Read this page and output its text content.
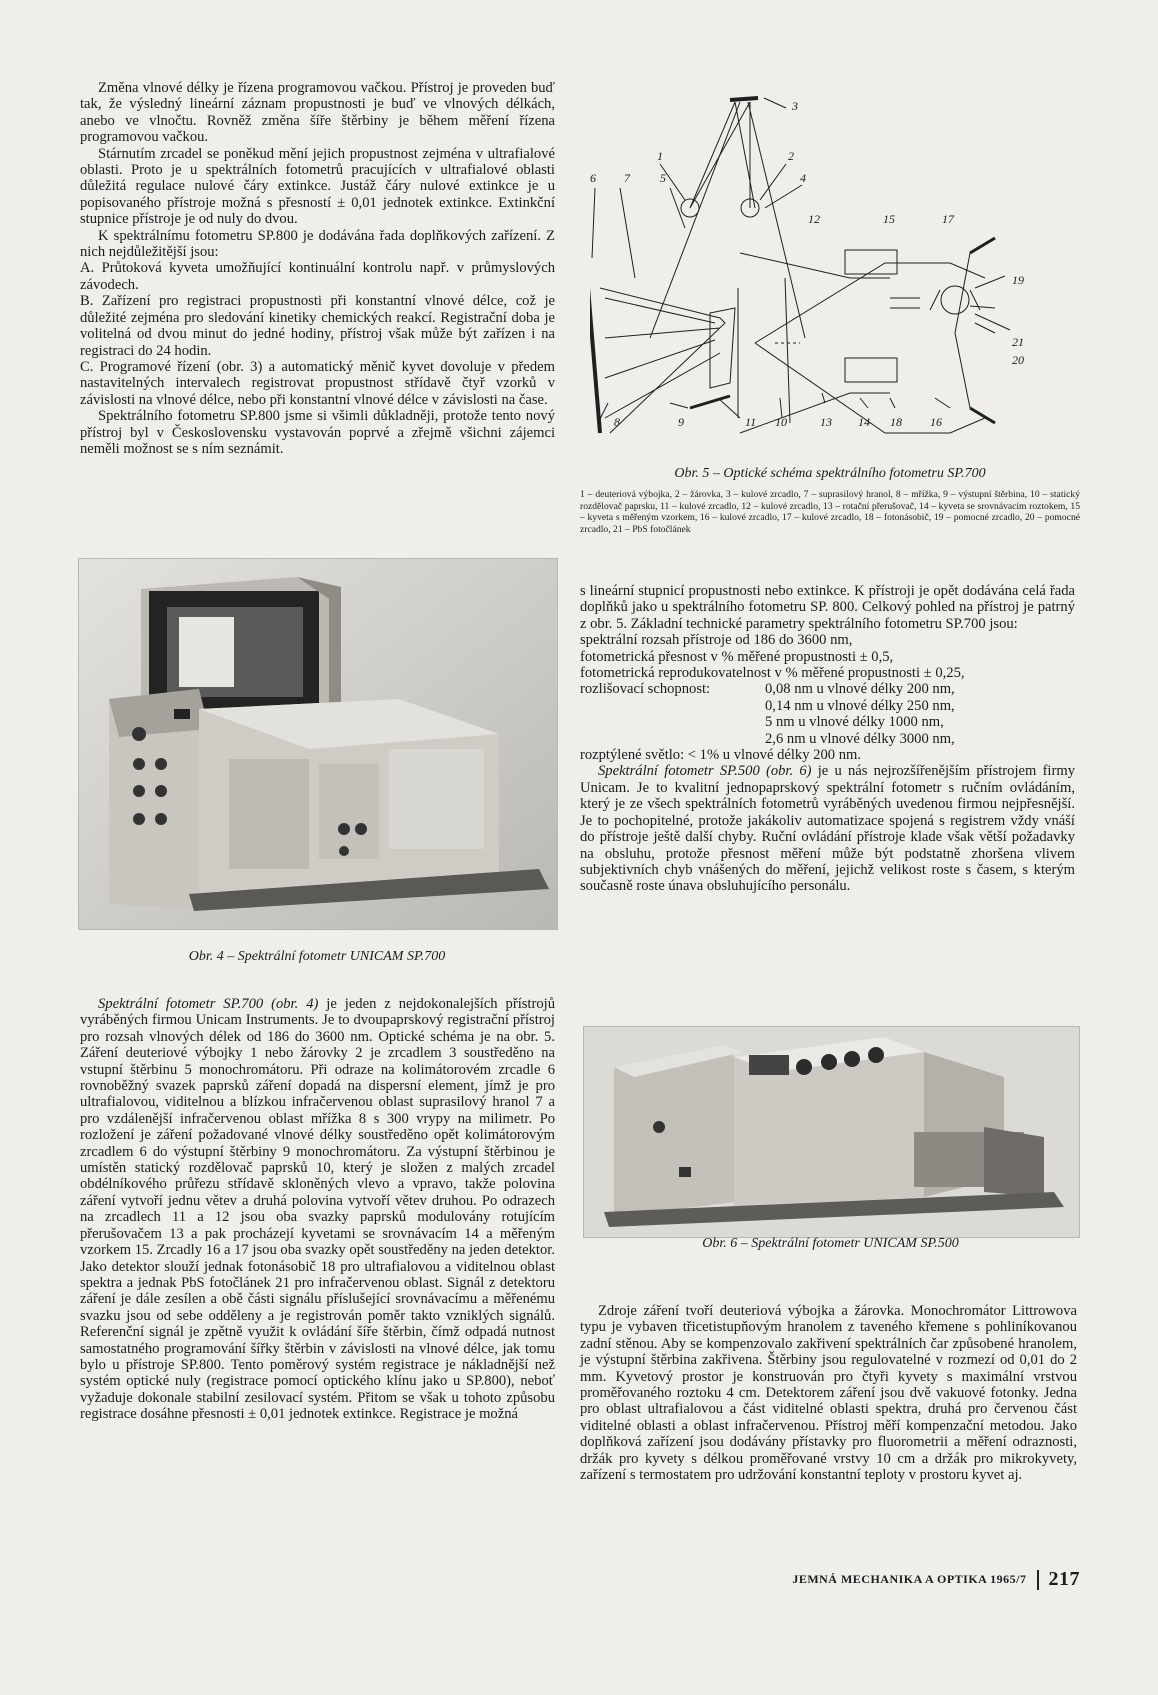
Změna vlnové délky je řízena programovou vačkou. Přístroj je proveden buď tak, že výsledný lineární záznam propustnosti je buď ve vlnových délkách, anebo ve vlnočtu. Rovněž změna šíře štěrbiny je během měření řízena programovou vačkou.

Stárnutím zrcadel se poněkud mění jejich propustnost zejména v ultrafialové oblasti. Proto je u spektrálních fotometrů pracujících v ultrafialové oblasti důležitá regulace nulové čáry extinkce. Justáž čáry nulové extinkce je u popisovaného přístroje možná s přesností ± 0,01 jednotek extinkce. Extinkční stupnice přístroje je od nuly do dvou.

K spektrálnímu fotometru SP.800 je dodávána řada doplňkových zařízení. Z nich nejdůležitější jsou:

A. Průtoková kyveta umožňující kontinuální kontrolu např. v průmyslových závodech.

B. Zařízení pro registraci propustnosti při konstantní vlnové délce, což je důležité zejména pro sledování kinetiky chemických reakcí. Registrační doba je volitelná od dvou minut do jedné hodiny, přístroj však může být zařízen i na registraci do 24 hodin.

C. Programové řízení (obr. 3) a automatický měnič kyvet dovoluje v předem nastavitelných intervalech registrovat propustnost střídavě čtyř vzorků v závislosti na vlnové délce, nebo při konstantní vlnové délce v závislosti na čase.

Spektrálního fotometru SP.800 jsme si všimli důkladněji, protože tento nový přístroj byl v Československu vystavován poprvé a zřejmě všichni zájemci neměli možnost se s ním seznámit.

Obr. 4 – Spektrální fotometr UNICAM SP.700

Spektrální fotometr SP.700 (obr. 4) je jeden z nejdokonalejších přístrojů vyráběných firmou Unicam Instruments. Je to dvoupaprskový registrační přístroj pro rozsah vlnových délek od 186 do 3600 nm. Optické schéma je na obr. 5. Záření deuteriové výbojky 1 nebo žárovky 2 je zrcadlem 3 soustředěno na vstupní štěrbinu 5 monochromátoru. Při odraze na kolimátorovém zrcadle 6 rovnoběžný svazek paprsků záření dopadá na dispersní element, jímž je pro ultrafialovou, viditelnou a blízkou infračervenou oblast suprasilový hranol 7 a pro vzdálenější infračervenou oblast mřížka 8 s 300 vrypy na milimetr. Po rozložení je záření požadované vlnové délky soustředěno opět kolimátorovým zrcadlem 6 do výstupní štěrbiny 9 monochromátoru. Za výstupní štěrbinou je umístěn statický rozdělovač paprsků 10, který je složen z malých zrcadel obdélníkového průřezu střídavě skloněných vlevo a vpravo, takže polovina záření vytvoří jednu větev a druhá polovina vytvoří větev druhou. Po odrazech na zrcadlech 11 a 12 jsou oba svazky paprsků modulovány rotujícím přerušovačem 13 a pak procházejí kyvetami se srovnávacím 14 a měřeným vzorkem 15. Zrcadly 16 a 17 jsou oba svazky opět soustředěny na jeden detektor. Jako detektor slouží jednak fotonásobič 18 pro ultrafialovou a viditelnou oblast spektra a jednak PbS fotočlánek 21 pro infračervenou oblast. Signál z detektoru záření je dále zesílen a obě části signálu příslušející srovnávacímu a měřenému svazku jsou od sebe odděleny a je registrován poměr takto vzniklých signálů. Referenční signál je zpětně využit k ovládání šíře štěrbin, čímž odpadá nutnost samostatného programování šířky štěrbin v závislosti na vlnové délce, jak tomu bylo u přístroje SP.800. Tento poměrový systém registrace je nákladnější než systém optické nuly (registrace pomocí optického klínu jako u SP.800), neboť vyžaduje dokonale stabilní zesilovací systém. Přitom se však u tohoto způsobu registrace dosáhne přesnosti ± 0,01 jednotek extinkce. Registrace je možná

1	2
3
4
5
6 7
8	9	10
11
12
13 14
15
16
17
18
19
20
21
Obr. 5 – Optické schéma spektrálního fotometru SP.700
1 – deuteriová výbojka, 2 – žárovka, 3 – kulové zrcadlo, 7 – suprasilový hranol, 8 – mřížka, 9 – výstupní štěrbina, 10 – statický rozdělovač paprsku, 11 – kulové zrcadlo, 12 – kulové zrcadlo, 13 – rotační přerušovač, 14 – kyveta se srovnávacím roztokem, 15 – kyveta s měřeným vzorkem, 16 – kulové zrcadlo, 17 – kulové zrcadlo, 18 – fotonásobič, 19 – pomocné zrcadlo, 20 – pomocné zrcadlo, 21 – PbS fotočlánek

s lineární stupnicí propustnosti nebo extinkce. K přístroji je opět dodávána celá řada doplňků jako u spektrálního fotometru SP. 800. Celkový pohled na přístroj je patrný z obr. 5. Základní technické parametry spektrálního fotometru SP.700 jsou:

spektrální rozsah přístroje od 186 do 3600 nm,

fotometrická přesnost v % měřené propustnosti ± 0,5,

fotometrická reprodukovatelnost v % měřené propustnosti ± 0,25,

rozlišovací schopnost:	0,08 nm u vlnové délky 200 nm,
0,14 nm u vlnové délky 250 nm,
5 nm u vlnové délky 1000 nm,
2,6 nm u vlnové délky 3000 nm,

rozptýlené světlo: < 1% u vlnové délky 200 nm.

Spektrální fotometr SP.500 (obr. 6) je u nás nejrozšířenějším přístrojem firmy Unicam. Je to kvalitní jednopaprskový spektrální fotometr s ručním ovládáním, který je ze všech spektrálních fotometrů vyráběných uvedenou firmou nejpřesnější. Je to pochopitelné, protože jakákoliv automatizace spojená s registrem vždy vnáší do přístroje ještě další chyby. Ruční ovládání přístroje klade však větší požadavky na obsluhu, protože přesnost měření může být podstatně zhoršena vlivem subjektivních chyb vnášených do měření, jejichž velikost roste s časem, s kterým současně roste únava obsluhujícího personálu.

Obr. 6 – Spektrální fotometr UNICAM SP.500

Zdroje záření tvoří deuteriová výbojka a žárovka. Monochromátor Littrowova typu je vybaven třicetistupňovým hranolem z taveného křemene s pohliníkovanou zadní stěnou. Aby se kompenzovalo zakřivení spektrálních čar způsobené hranolem, je výstupní štěrbina zakřivena. Štěrbiny jsou regulovatelné v rozmezí od 0,01 do 2 mm. Kyvetový prostor je konstruován pro čtyři kyvety s maximální vrstvou proměřovaného roztoku 4 cm. Detektorem záření jsou dvě vakuové fotonky. Jedna pro oblast ultrafialovou a část viditelné oblasti spektra, druhá pro červenou část viditelné oblasti a oblast infračervenou. Přístroj měří kompenzační metodou. Jako doplňková zařízení jsou dodávány přístavky pro fluorometrii a měření odraznosti, držák pro kyvety s délkou proměřované vrstvy 10 cm a držák pro mikrokyvety, zařízení s termostatem pro udržování konstantní teploty v prostoru kyvet aj.

JEMNÁ MECHANIKA A OPTIKA 1965/7 217
